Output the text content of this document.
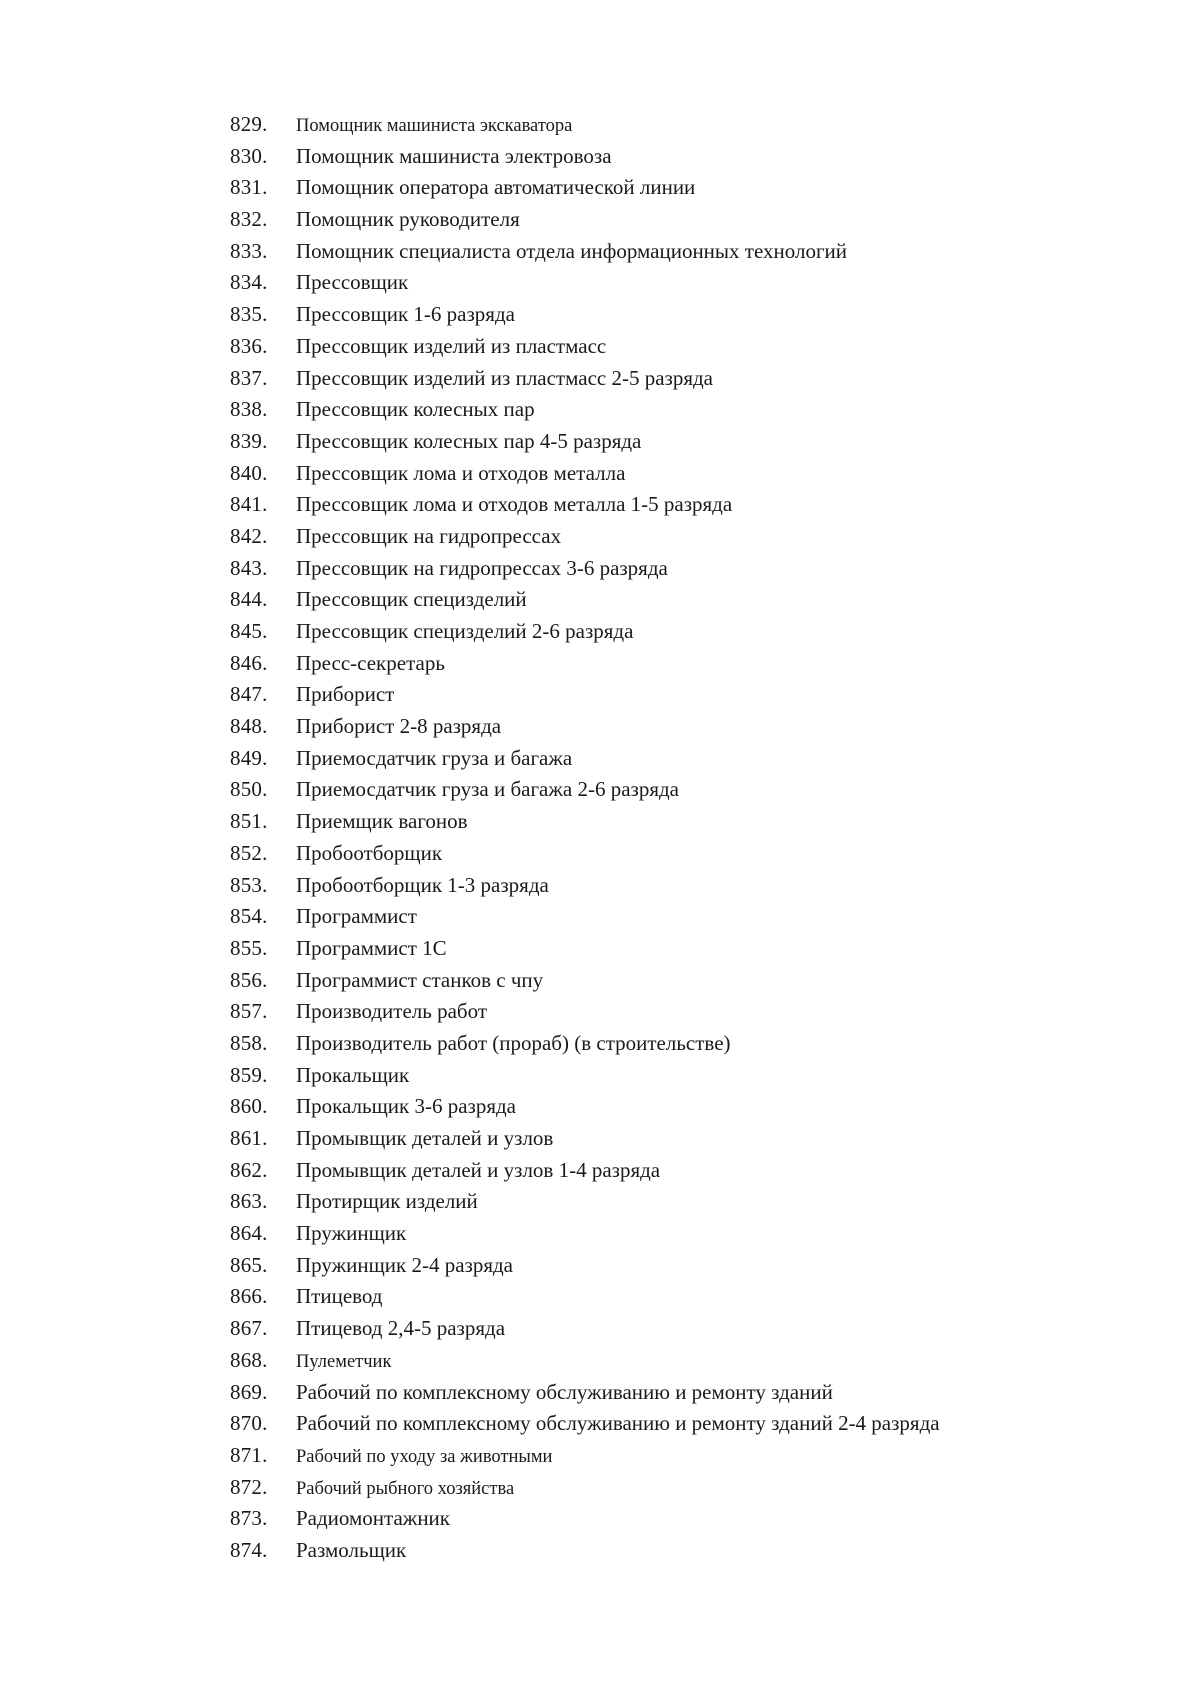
829.	Помощник машиниста экскаватора
830.	Помощник машиниста электровоза
831.	Помощник оператора автоматической линии
832.	Помощник руководителя
833.	Помощник специалиста отдела информационных технологий
834.	Прессовщик
835.	Прессовщик 1-6 разряда
836.	Прессовщик изделий из пластмасс
837.	Прессовщик изделий из пластмасс 2-5 разряда
838.	Прессовщик колесных пар
839.	Прессовщик колесных пар 4-5 разряда
840.	Прессовщик лома и отходов металла
841.	Прессовщик лома и отходов металла 1-5 разряда
842.	Прессовщик на гидропрессах
843.	Прессовщик на гидропрессах 3-6 разряда
844.	Прессовщик специзделий
845.	Прессовщик специзделий 2-6 разряда
846.	Пресс-секретарь
847.	Приборист
848.	Приборист 2-8 разряда
849.	Приемосдатчик груза и багажа
850.	Приемосдатчик груза и багажа 2-6 разряда
851.	Приемщик вагонов
852.	Пробоотборщик
853.	Пробоотборщик 1-3 разряда
854.	Программист
855.	Программист 1С
856.	Программист станков с чпу
857.	Производитель работ
858.	Производитель работ (прораб) (в строительстве)
859.	Прокальщик
860.	Прокальщик 3-6 разряда
861.	Промывщик деталей и узлов
862.	Промывщик деталей и узлов 1-4 разряда
863.	Протирщик изделий
864.	Пружинщик
865.	Пружинщик 2-4 разряда
866.	Птицевод
867.	Птицевод 2,4-5 разряда
868.	Пулеметчик
869.	Рабочий по комплексному обслуживанию и ремонту зданий
870.	Рабочий по комплексному обслуживанию и ремонту зданий 2-4 разряда
871.	Рабочий по уходу за животными
872.	Рабочий рыбного хозяйства
873.	Радиомонтажник
874.	Размольщик
